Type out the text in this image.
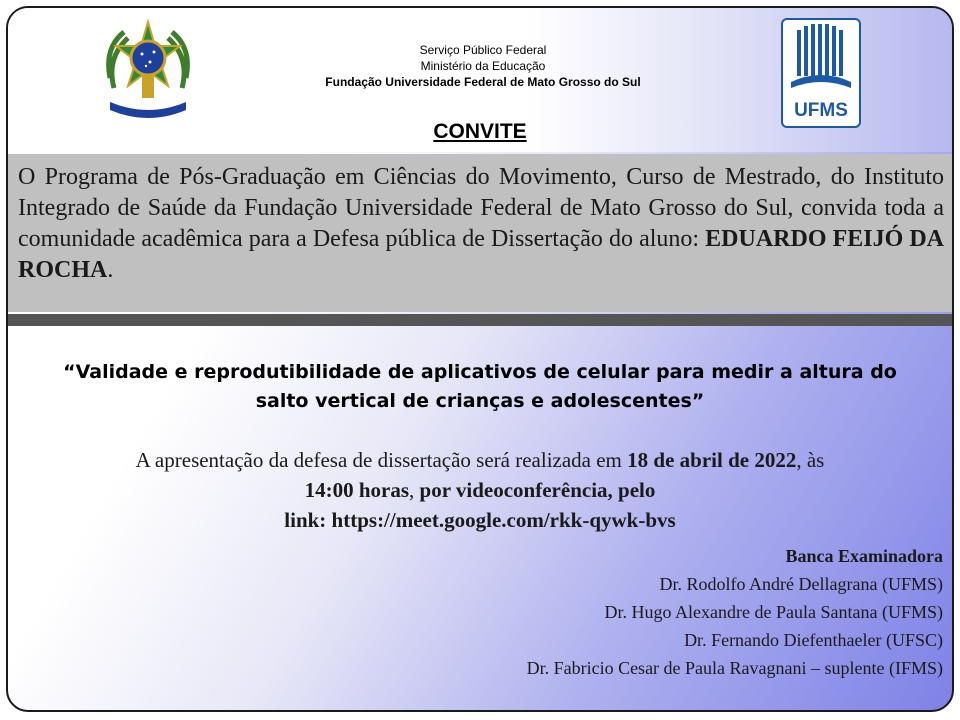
Serviço Público Federal
Ministério da Educação
Fundação Universidade Federal de Mato Grosso do Sul
UFMS
CONVITE
O Programa de Pós-Graduação em Ciências do Movimento, Curso de Mestrado, do Instituto Integrado de Saúde da Fundação Universidade Federal de Mato Grosso do Sul, convida toda a comunidade acadêmica para a Defesa pública de Dissertação do aluno: EDUARDO FEIJÓ DA ROCHA.
“Validade e reprodutibilidade de aplicativos de celular para medir a altura do
salto vertical de crianças e adolescentes”
A apresentação da defesa de dissertação será realizada em 18 de abril de 2022, às
14:00 horas, por videoconferência, pelo
link: https://meet.google.com/rkk-qywk-bvs
Banca Examinadora
Dr. Rodolfo André Dellagrana (UFMS)
Dr. Hugo Alexandre de Paula Santana (UFMS)
Dr. Fernando Diefenthaeler (UFSC)
Dr. Fabricio Cesar de Paula Ravagnani – suplente (IFMS)
